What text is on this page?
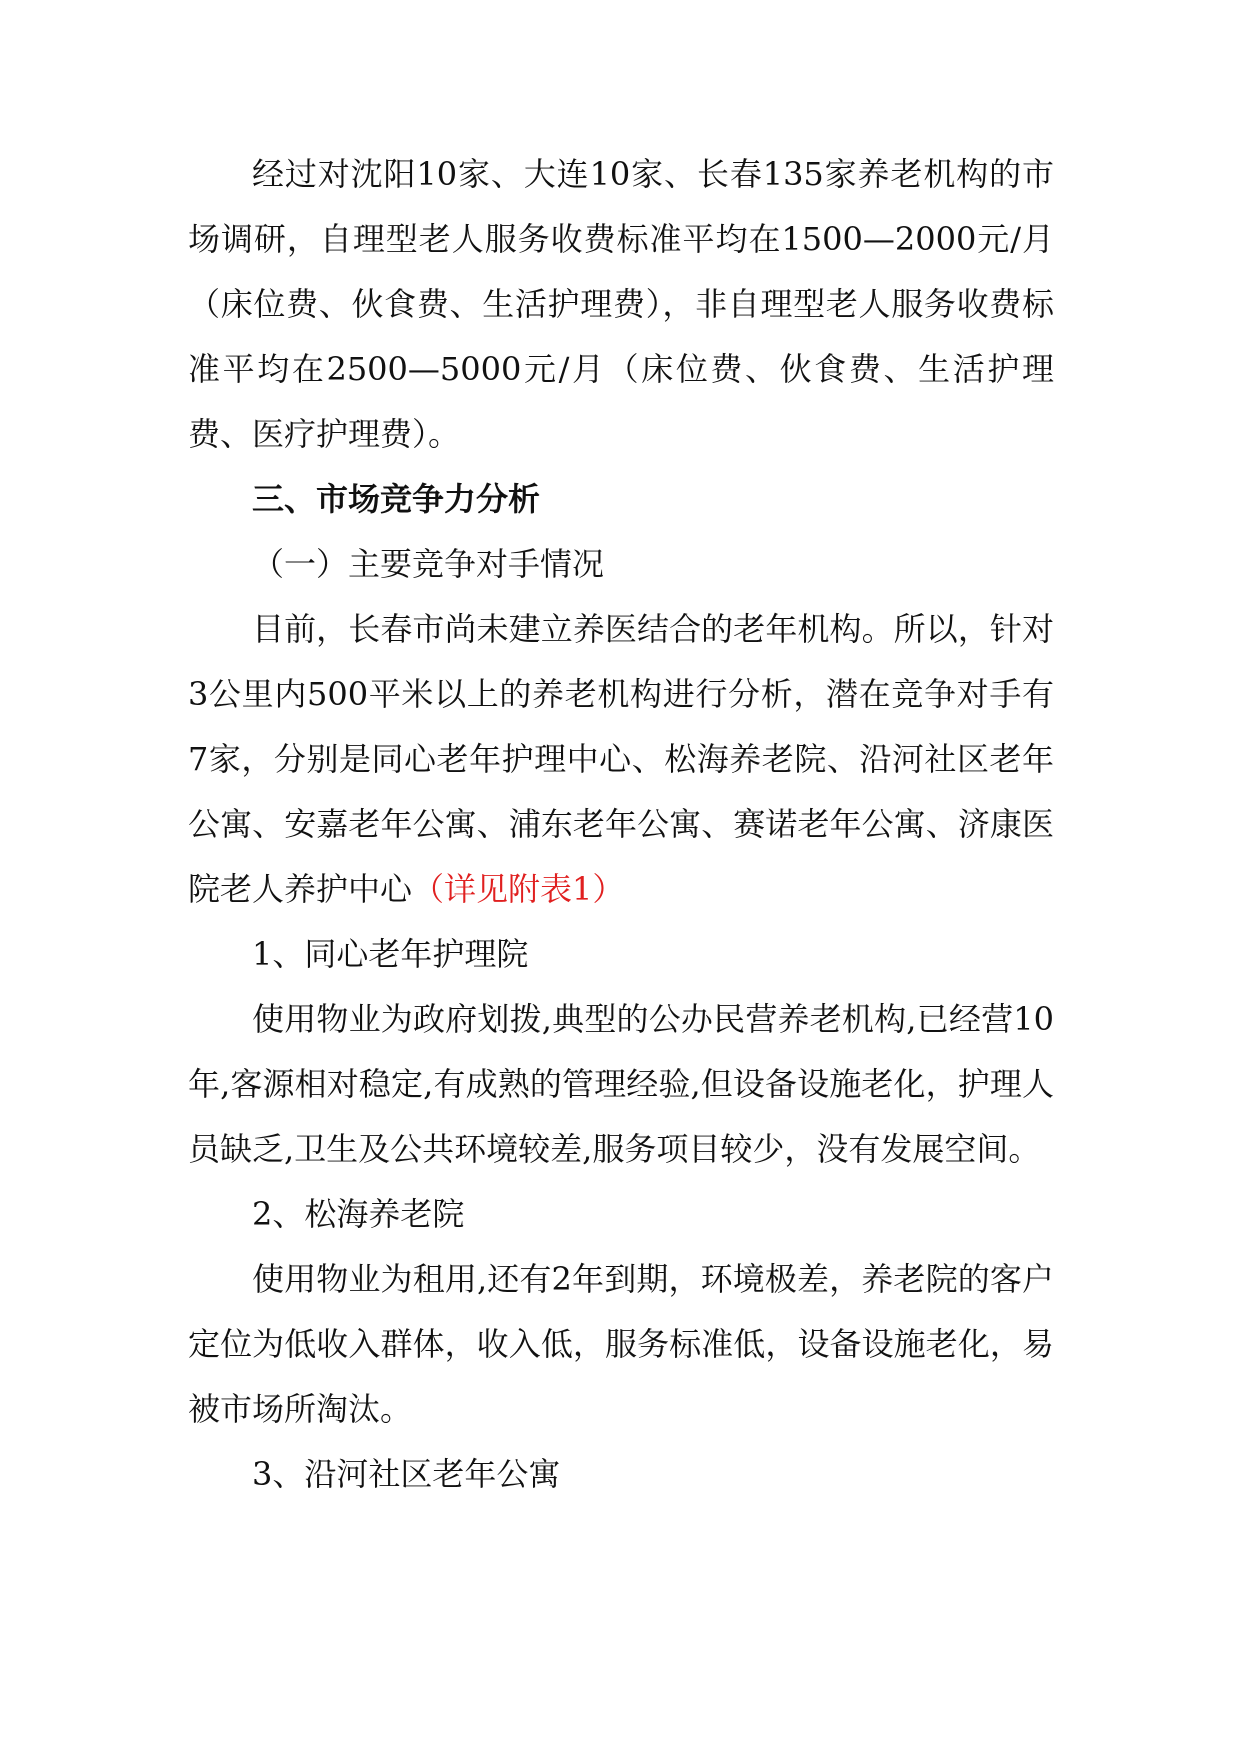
经过对沈阳10家、大连10家、长春135家养老机构的市场调研，自理型老人服务收费标准平均在1500—2000元/月（床位费、伙食费、生活护理费），非自理型老人服务收费标准平均在2500—5000元/月（床位费、伙食费、生活护理费、医疗护理费）。

三、市场竞争力分析

（一）主要竞争对手情况

目前，长春市尚未建立养医结合的老年机构。所以，针对3公里内500平米以上的养老机构进行分析，潜在竞争对手有7家，分别是同心老年护理中心、松海养老院、沿河社区老年公寓、安嘉老年公寓、浦东老年公寓、赛诺老年公寓、济康医院老人养护中心（详见附表1）

1、同心老年护理院

使用物业为政府划拨,典型的公办民营养老机构,已经营10年,客源相对稳定,有成熟的管理经验,但设备设施老化，护理人员缺乏,卫生及公共环境较差,服务项目较少，没有发展空间。

2、松海养老院

使用物业为租用,还有2年到期，环境极差，养老院的客户定位为低收入群体，收入低，服务标准低，设备设施老化，易被市场所淘汰。

3、沿河社区老年公寓
